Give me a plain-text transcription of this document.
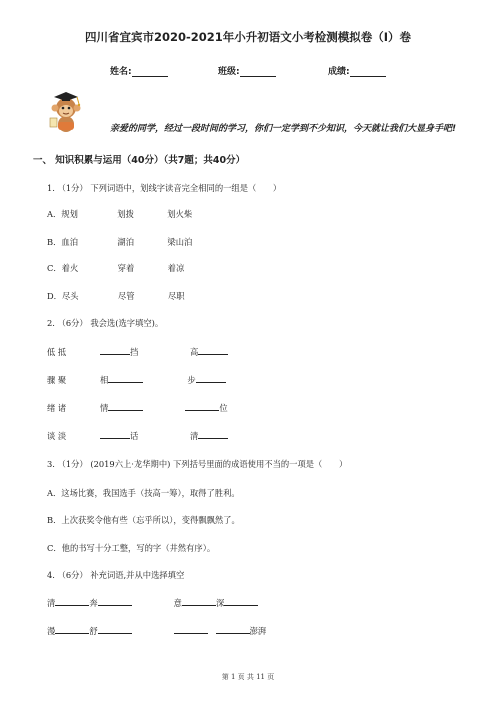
四川省宜宾市2020-2021年小升初语文小考检测模拟卷（I）卷
姓名:	班级:	成绩:
亲爱的同学，经过一段时间的学习，你们一定学到不少知识，今天就让我们大显身手吧!
一、 知识积累与运用（40分）（共7题；共40分）
1. （1分） 下列词语中，划线字读音完全相同的一组是（　　）
A．规划	划拨	划火柴
B．血泊	湖泊	梁山泊
C．着火	穿着	着凉
D．尽头	尽管	尽职
2. （6分） 我会选(选字填空)。
低 抵	挡	高
骤 聚	相	步
绪 诸	情	位
谈 淡	话	清
3. （1分） (2019六上·龙华期中) 下列括号里面的成语使用不当的一项是（　　）
A．这场比赛，我国选手（技高一筹），取得了胜利。
B．上次获奖令他有些（忘乎所以），变得飘飘然了。
C．他的书写十分工整，写的字（井然有序）。
4. （6分） 补充词语,并从中选择填空
清	奔	意	深
漫	舒	澎湃
第 1 页 共 11 页
